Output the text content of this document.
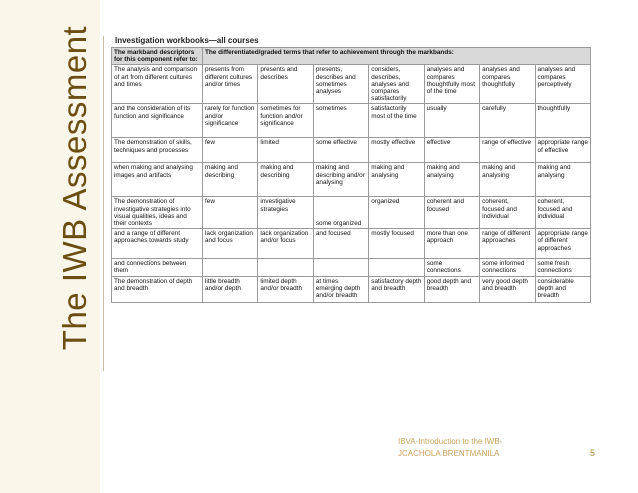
The IWB Assessment	Investigation workbooks—all courses
The markband descriptors for this component refer to:	The differentiated/graded terms that refer to achievement through the markbands:						
The analysis and comparison of art from different cultures and times	presents from different cultures and/or times	presents and describes	presents, describes and sometimes analyses	considers, describes, analyses and compares satisfactorily	analyses and compares thoughtfully most of the time	analyses and compares thoughtfully	analyses and compares perceptively
and the consideration of its function and significance	rarely for function and/or significance	sometimes for function and/or significance	sometimes	satisfactorily most of the time	usually	carefully	thoughtfully
The demonstration of skills, techniques and processes	few	limited	some effective	mostly effective	effective	range of effective	appropriate range of effective
when making and analysing images and artifacts	making and describing	making and describing	making and describing and/or analysing	making and analysing	making and analysing	making and analysing	making and analysing
The demonstration of investigative strategies into visual qualities, ideas and their contexts	few	investigative strategies	some organized	organized	coherent and focused	coherent, focused and individual	coherent, focused and individual
and a range of different approaches towards study	lack organization and focus	lack organization and/or focus	and focused	mostly focused	more than one approach	range of different approaches	appropriate range of different approaches
and connections between them					some connections	some informed connections	some fresh connections
The demonstration of depth and breadth	little breadth and/or depth	limited depth and/or breadth	at times emerging depth and/or breadth	satisfactory depth and breadth	good depth and breadth	very good depth and breadth	considerable depth and breadth
IBVA-Introduction to the IWB-
JCACHOLA BRENTMANILA	5
